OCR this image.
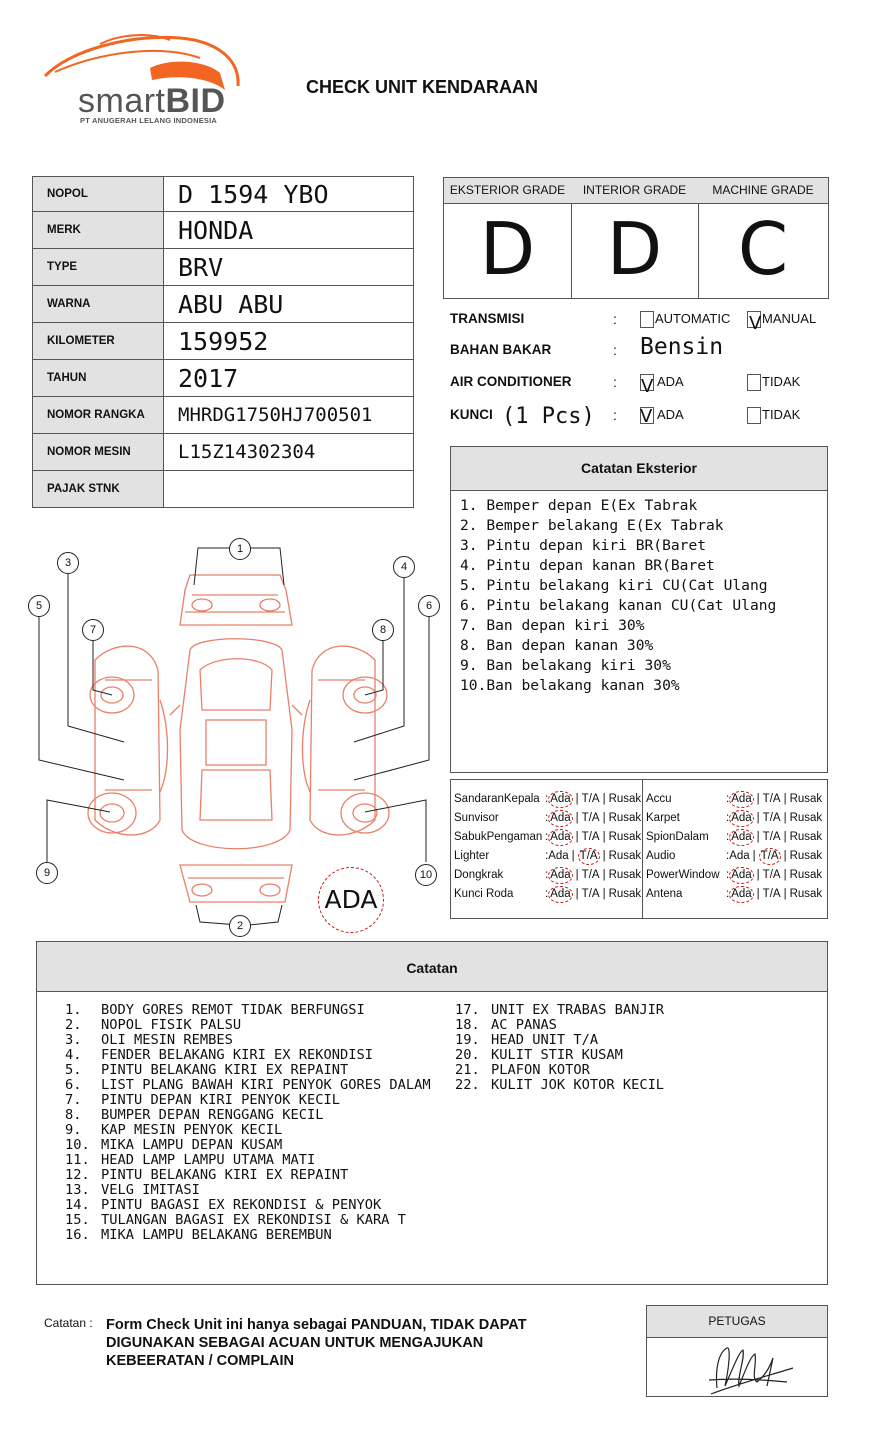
smartBID
PT ANUGERAH LELANG INDONESIA
CHECK UNIT KENDARAAN
NOPOL	D 1594 YBO
MERK	HONDA
TYPE	BRV
WARNA	ABU ABU
KILOMETER	159952
TAHUN	2017
NOMOR RANGKA	MHRDG1750HJ700501
NOMOR MESIN	L15Z14302304
PAJAK STNK	
EKSTERIOR GRADE
D
INTERIOR GRADE
D
MACHINE GRADE
C
TRANSMISI	:	AUTOMATIC V MANUAL
BAHAN BAKAR	: Bensin
AIR CONDITIONER	: V ADA	TIDAK
KUNCI (1 Pcs) : V ADA	TIDAK
Catatan Eksterior
1. Bemper depan E(Ex Tabrak
2. Bemper belakang E(Ex Tabrak
3. Pintu depan kiri BR(Baret
4. Pintu depan kanan BR(Baret
5. Pintu belakang kiri CU(Cat Ulang
6. Pintu belakang kanan CU(Cat Ulang
7. Ban depan kiri 30%
8. Ban depan kanan 30%
9. Ban belakang kiri 30%
10.Ban belakang kanan 30%
SandaranKepala : Ada | T/A | Rusak
Sunvisor	: Ada | T/A | Rusak
SabukPengaman : Ada | T/A | Rusak
Lighter	:Ada | T/A | Rusak
Dongkrak	: Ada | T/A | Rusak
Kunci Roda	: Ada | T/A | Rusak
Accu	: Ada | T/A | Rusak
Karpet	: Ada | T/A | Rusak
SpionDalam : Ada | T/A | Rusak
Audio	:Ada | T/A | Rusak
PowerWindow : Ada | T/A | Rusak
Antena	: Ada | T/A | Rusak
1
2
3	4
5	6
7	8
9	10
ADA
Catatan
1. BODY GORES REMOT TIDAK BERFUNGSI
2. NOPOL FISIK PALSU
3. OLI MESIN REMBES
4. FENDER BELAKANG KIRI EX REKONDISI
5. PINTU BELAKANG KIRI EX REPAINT
6. LIST PLANG BAWAH KIRI PENYOK GORES DALAM
7. PINTU DEPAN KIRI PENYOK KECIL
8. BUMPER DEPAN RENGGANG KECIL
9. KAP MESIN PENYOK KECIL
10. MIKA LAMPU DEPAN KUSAM
11. HEAD LAMP LAMPU UTAMA MATI
12. PINTU BELAKANG KIRI EX REPAINT
13. VELG IMITASI
14. PINTU BAGASI EX REKONDISI & PENYOK
15. TULANGAN BAGASI EX REKONDISI & KARA T
16. MIKA LAMPU BELAKANG BEREMBUN
17. UNIT EX TRABAS BANJIR
18. AC PANAS
19. HEAD UNIT T/A
20. KULIT STIR KUSAM
21. PLAFON KOTOR
22. KULIT JOK KOTOR KECIL
Catatan : Form Check Unit ini hanya sebagai PANDUAN, TIDAK DAPAT DIGUNAKAN SEBAGAI ACUAN UNTUK MENGAJUKAN KEBEERATAN / COMPLAIN
PETUGAS
